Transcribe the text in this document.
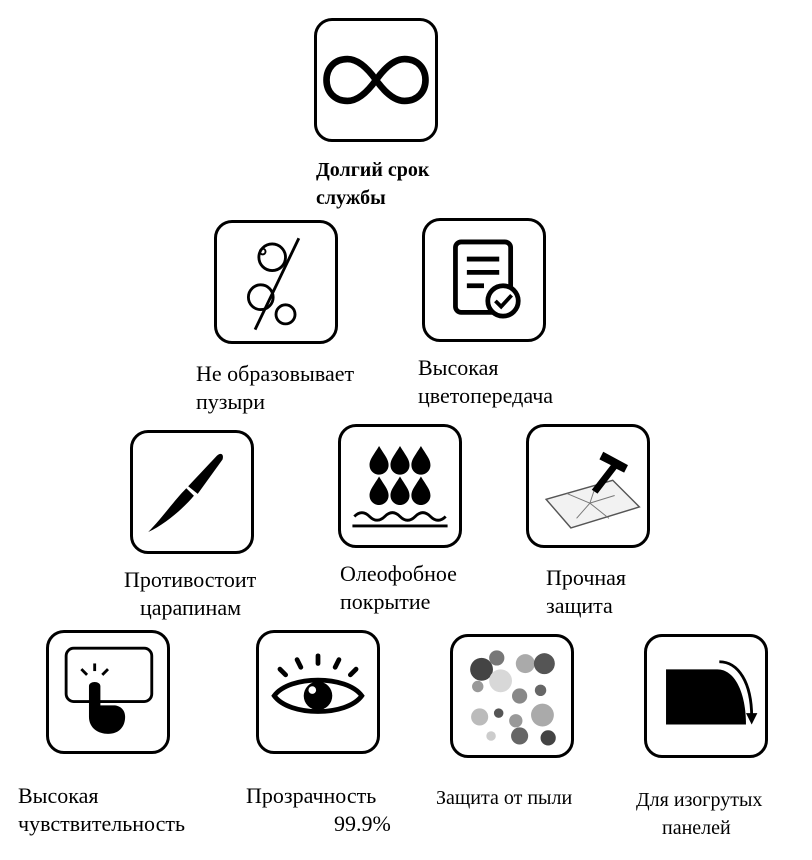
Долгий срок
службы
Не образовывает
пузыри
Высокая
цветопередача
Противостоит
царапинам
Олеофобное
покрытие
Прочная
защита
Высокая
чувствительность
Прозрачность
99.9%
Защита от пыли	Для изогрутых
панелей
